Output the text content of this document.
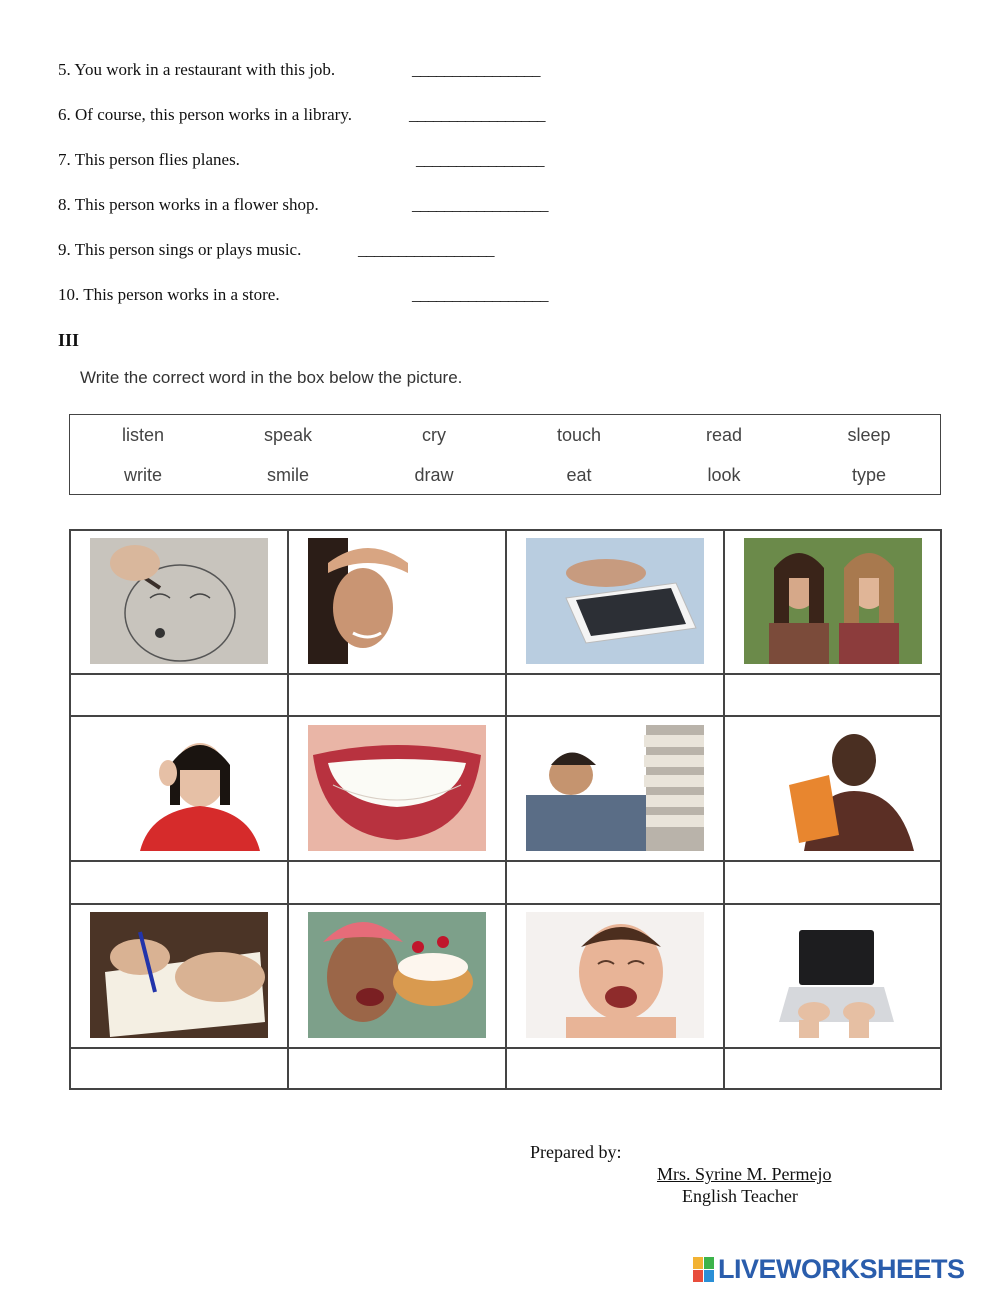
5. You work in a restaurant with this job.	________________
6. Of course, this person works in a library.	_________________
7. This person flies planes.	________________
8. This person works in a flower shop.	_________________
9. This person sings or plays music.	_________________
10. This person works in a store.	_________________
III
Write the correct word in the box below the picture.
listen	speak	cry	touch	read	sleep
write	smile	draw	eat	look	type
Prepared by:
Mrs. Syrine M. Permejo
English Teacher
LIVEWORKSHEETS
